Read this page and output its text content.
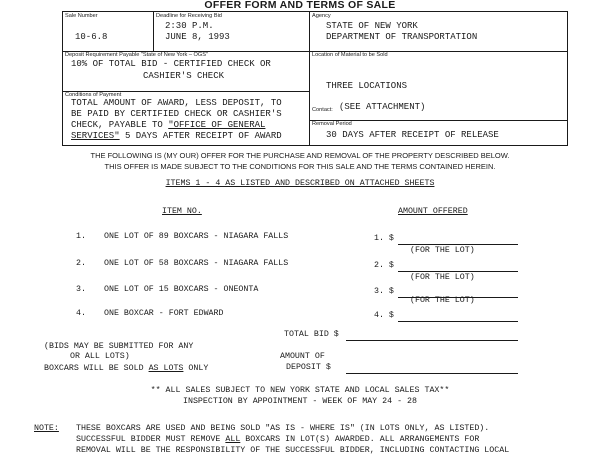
OFFER FORM AND TERMS OF SALE
Sale Number
10-6.8
Deadline for Receiving Bid
2:30 P.M.
JUNE 8, 1993
Agency
STATE OF NEW YORK
DEPARTMENT OF TRANSPORTATION
Deposit Requirement Payable "State of New York – OGS"
10% OF TOTAL BID - CERTIFIED CHECK OR
CASHIER'S CHECK
Location of Material to be Sold
THREE LOCATIONS
Conditions of Payment
TOTAL AMOUNT OF AWARD, LESS DEPOSIT, TO
BE PAID BY CERTIFIED CHECK OR CASHIER'S
CHECK, PAYABLE TO "OFFICE OF GENERAL
SERVICES" 5 DAYS AFTER RECEIPT OF AWARD
Contact: (SEE ATTACHMENT)
Removal Period
30 DAYS AFTER RECEIPT OF RELEASE
THE FOLLOWING IS (MY OUR) OFFER FOR THE PURCHASE AND REMOVAL OF THE PROPERTY DESCRIBED BELOW.
THIS OFFER IS MADE SUBJECT TO THE CONDITIONS FOR THIS SALE AND THE TERMS CONTAINED HEREIN.
ITEMS 1 - 4 AS LISTED AND DESCRIBED ON ATTACHED SHEETS
ITEM NO.	AMOUNT OFFERED
1. ONE LOT OF 89 BOXCARS - NIAGARA FALLS	1. $
(FOR THE LOT)
2. ONE LOT OF 58 BOXCARS - NIAGARA FALLS	2. $
(FOR THE LOT)
3. ONE LOT OF 15 BOXCARS - ONEONTA	3. $
(FOR THE LOT)
4. ONE BOXCAR - FORT EDWARD	4. $
TOTAL BID $
(BIDS MAY BE SUBMITTED FOR ANY
OR ALL LOTS)
BOXCARS WILL BE SOLD AS LOTS ONLY
AMOUNT OF
DEPOSIT $
** ALL SALES SUBJECT TO NEW YORK STATE AND LOCAL SALES TAX**
INSPECTION BY APPOINTMENT - WEEK OF MAY 24 - 28
NOTE: THESE BOXCARS ARE USED AND BEING SOLD "AS IS - WHERE IS" (IN LOTS ONLY, AS LISTED).
SUCCESSFUL BIDDER MUST REMOVE ALL BOXCARS IN LOT(S) AWARDED. ALL ARRANGEMENTS FOR
REMOVAL WILL BE THE RESPONSIBILITY OF THE SUCCESSFUL BIDDER, INCLUDING CONTACTING LOCAL
